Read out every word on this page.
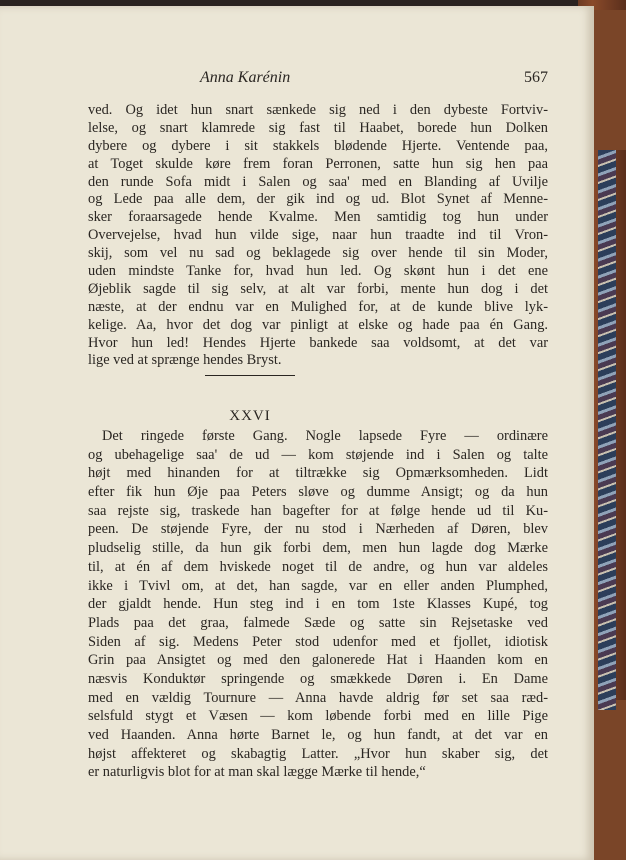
Anna Karénin	567
ved. Og idet hun snart sænkede sig ned i den dybeste Fortviv-
lelse, og snart klamrede sig fast til Haabet, borede hun Dolken
dybere og dybere i sit stakkels blødende Hjerte. Ventende paa,
at Toget skulde køre frem foran Perronen, satte hun sig hen paa
den runde Sofa midt i Salen og saa' med en Blanding af Uvilje
og Lede paa alle dem, der gik ind og ud. Blot Synet af Menne-
sker foraarsagede hende Kvalme. Men samtidig tog hun under
Overvejelse, hvad hun vilde sige, naar hun traadte ind til Vron-
skij, som vel nu sad og beklagede sig over hende til sin Moder,
uden mindste Tanke for, hvad hun led. Og skønt hun i det ene
Øjeblik sagde til sig selv, at alt var forbi, mente hun dog i det
næste, at der endnu var en Mulighed for, at de kunde blive lyk-
kelige. Aa, hvor det dog var pinligt at elske og hade paa én Gang.
Hvor hun led! Hendes Hjerte bankede saa voldsomt, at det var
lige ved at sprænge hendes Bryst.
XXVI
Det ringede første Gang. Nogle lapsede Fyre — ordinære
og ubehagelige saa' de ud — kom støjende ind i Salen og talte
højt med hinanden for at tiltrække sig Opmærksomheden. Lidt
efter fik hun Øje paa Peters sløve og dumme Ansigt; og da hun
saa rejste sig, traskede han bagefter for at følge hende ud til Ku-
peen. De støjende Fyre, der nu stod i Nærheden af Døren, blev
pludselig stille, da hun gik forbi dem, men hun lagde dog Mærke
til, at én af dem hviskede noget til de andre, og hun var aldeles
ikke i Tvivl om, at det, han sagde, var en eller anden Plumphed,
der gjaldt hende. Hun steg ind i en tom 1ste Klasses Kupé, tog
Plads paa det graa, falmede Sæde og satte sin Rejsetaske ved
Siden af sig. Medens Peter stod udenfor med et fjollet, idiotisk
Grin paa Ansigtet og med den galonerede Hat i Haanden kom en
næsvis Konduktør springende og smækkede Døren i. En Dame
med en vældig Tournure — Anna havde aldrig før set saa ræd-
selsfuld stygt et Væsen — kom løbende forbi med en lille Pige
ved Haanden. Anna hørte Barnet le, og hun fandt, at det var en
højst affekteret og skabagtig Latter. „Hvor hun skaber sig, det
er naturligvis blot for at man skal lægge Mærke til hende,“
